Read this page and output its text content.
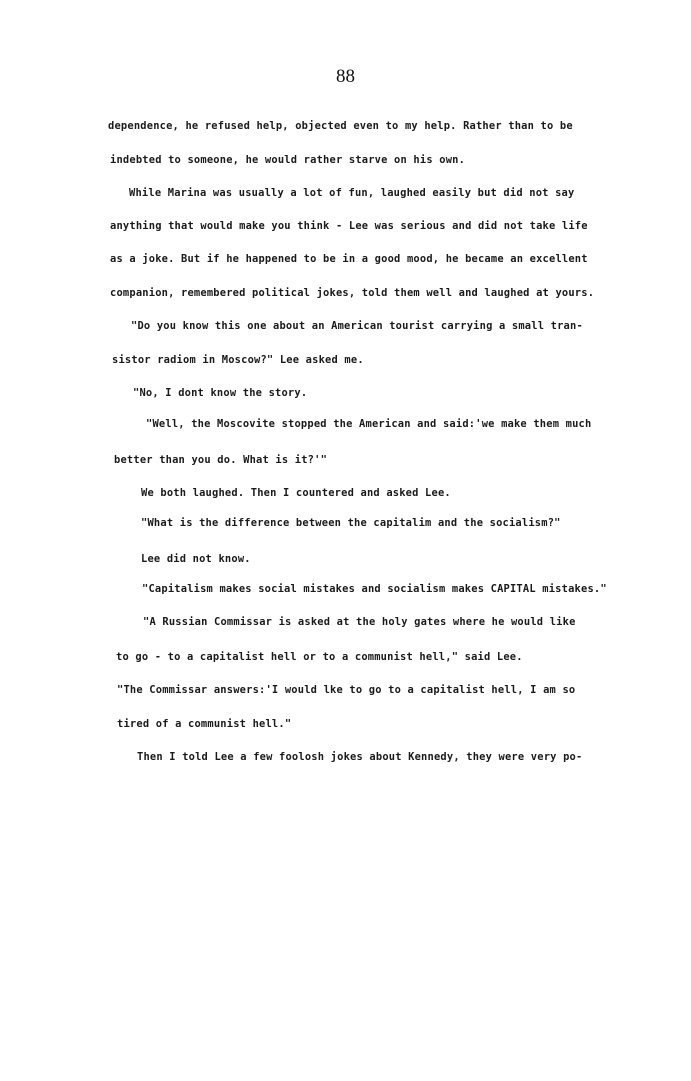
88
dependence, he refused help, objected even to my help. Rather than to be
indebted to someone, he would rather starve on his own.
While Marina was usually a lot of fun, laughed easily but did not say
anything that would make you think - Lee was serious and did not take life
as a joke. But if he happened to be in a good mood, he became an excellent
companion, remembered political jokes, told them well and laughed at yours.
"Do you know this one about an American tourist carrying a small tran-
sistor radiom in Moscow?" Lee asked me.
"No, I dont know the story.
"Well, the Moscovite stopped the American and said:'we make them much
better than you do. What is it?'"
We both laughed. Then I countered and asked Lee.
"What is the difference between the capitalim and the socialism?"
Lee did not know.
"Capitalism makes social mistakes and socialism makes CAPITAL mistakes."
"A Russian Commissar is asked at the holy gates where he would like
to go - to a capitalist hell or to a communist hell," said Lee.
"The Commissar answers:'I would lke to go to a capitalist hell, I am so
tired of a communist hell."
Then I told Lee a few foolosh jokes about Kennedy, they were very po-
